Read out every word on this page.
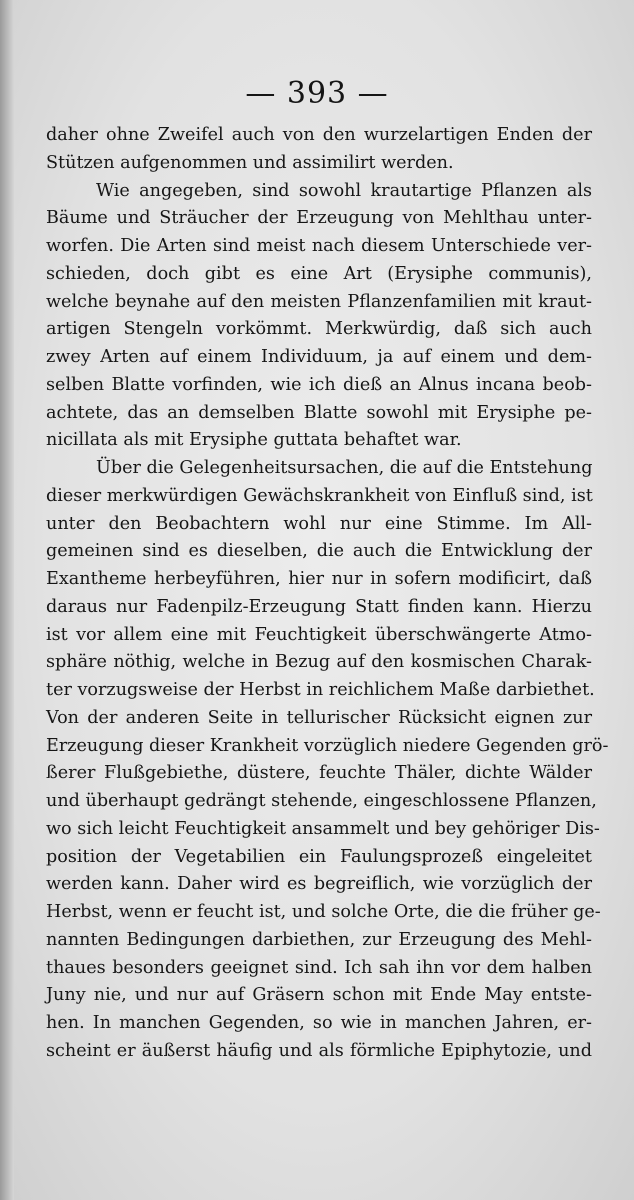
— 393 —
daher ohne Zweifel auch von den wurzelartigen Enden der
Stützen aufgenommen und assimilirt werden.
Wie angegeben, sind sowohl krautartige Pflanzen als
Bäume und Sträucher der Erzeugung von Mehlthau unter-
worfen. Die Arten sind meist nach diesem Unterschiede ver-
schieden, doch gibt es eine Art (Erysiphe communis),
welche beynahe auf den meisten Pflanzenfamilien mit kraut-
artigen Stengeln vorkömmt. Merkwürdig, daß sich auch
zwey Arten auf einem Individuum, ja auf einem und dem-
selben Blatte vorfinden, wie ich dieß an Alnus incana beob-
achtete, das an demselben Blatte sowohl mit Erysiphe pe-
nicillata als mit Erysiphe guttata behaftet war.
Über die Gelegenheitsursachen, die auf die Entstehung
dieser merkwürdigen Gewächskrankheit von Einfluß sind, ist
unter den Beobachtern wohl nur eine Stimme. Im All-
gemeinen sind es dieselben, die auch die Entwicklung der
Exantheme herbeyführen, hier nur in sofern modificirt, daß
daraus nur Fadenpilz-Erzeugung Statt finden kann. Hierzu
ist vor allem eine mit Feuchtigkeit überschwängerte Atmo-
sphäre nöthig, welche in Bezug auf den kosmischen Charak-
ter vorzugsweise der Herbst in reichlichem Maße darbiethet.
Von der anderen Seite in tellurischer Rücksicht eignen zur
Erzeugung dieser Krankheit vorzüglich niedere Gegenden grö-
ßerer Flußgebiethe, düstere, feuchte Thäler, dichte Wälder
und überhaupt gedrängt stehende, eingeschlossene Pflanzen,
wo sich leicht Feuchtigkeit ansammelt und bey gehöriger Dis-
position der Vegetabilien ein Faulungsprozeß eingeleitet
werden kann. Daher wird es begreiflich, wie vorzüglich der
Herbst, wenn er feucht ist, und solche Orte, die die früher ge-
nannten Bedingungen darbiethen, zur Erzeugung des Mehl-
thaues besonders geeignet sind. Ich sah ihn vor dem halben
Juny nie, und nur auf Gräsern schon mit Ende May entste-
hen. In manchen Gegenden, so wie in manchen Jahren, er-
scheint er äußerst häufig und als förmliche Epiphytozie, und
